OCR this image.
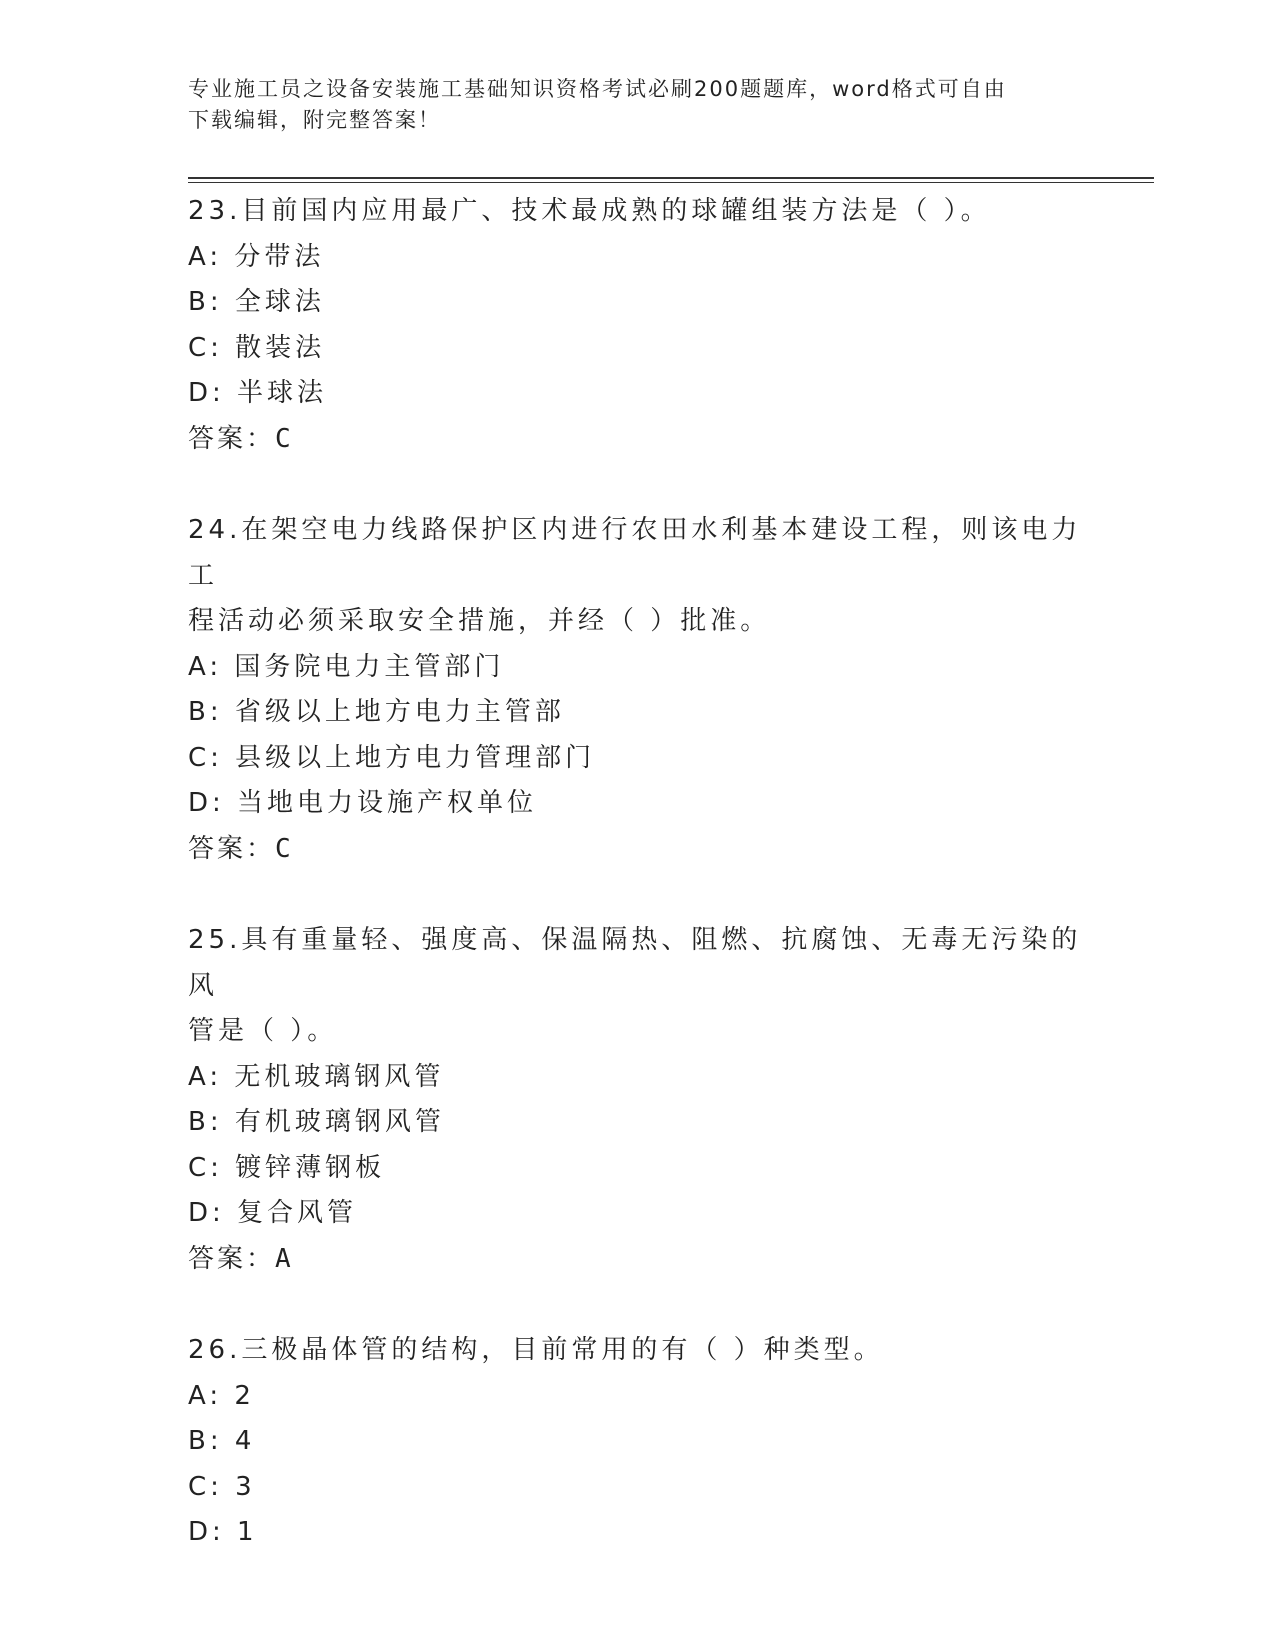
专业施工员之设备安装施工基础知识资格考试必刷200题题库，word格式可自由
下载编辑，附完整答案！
23.目前国内应用最广、技术最成熟的球罐组装方法是（ ）。
A: 分带法
B: 全球法
C: 散装法
D: 半球法
答案：C
24.在架空电力线路保护区内进行农田水利基本建设工程，则该电力工
程活动必须采取安全措施，并经（ ）批准。
A: 国务院电力主管部门
B: 省级以上地方电力主管部
C: 县级以上地方电力管理部门
D: 当地电力设施产权单位
答案：C
25.具有重量轻、强度高、保温隔热、阻燃、抗腐蚀、无毒无污染的风
管是（ ）。
A: 无机玻璃钢风管
B: 有机玻璃钢风管
C: 镀锌薄钢板
D: 复合风管
答案：A
26.三极晶体管的结构，目前常用的有（ ）种类型。
A: 2
B: 4
C: 3
D: 1
